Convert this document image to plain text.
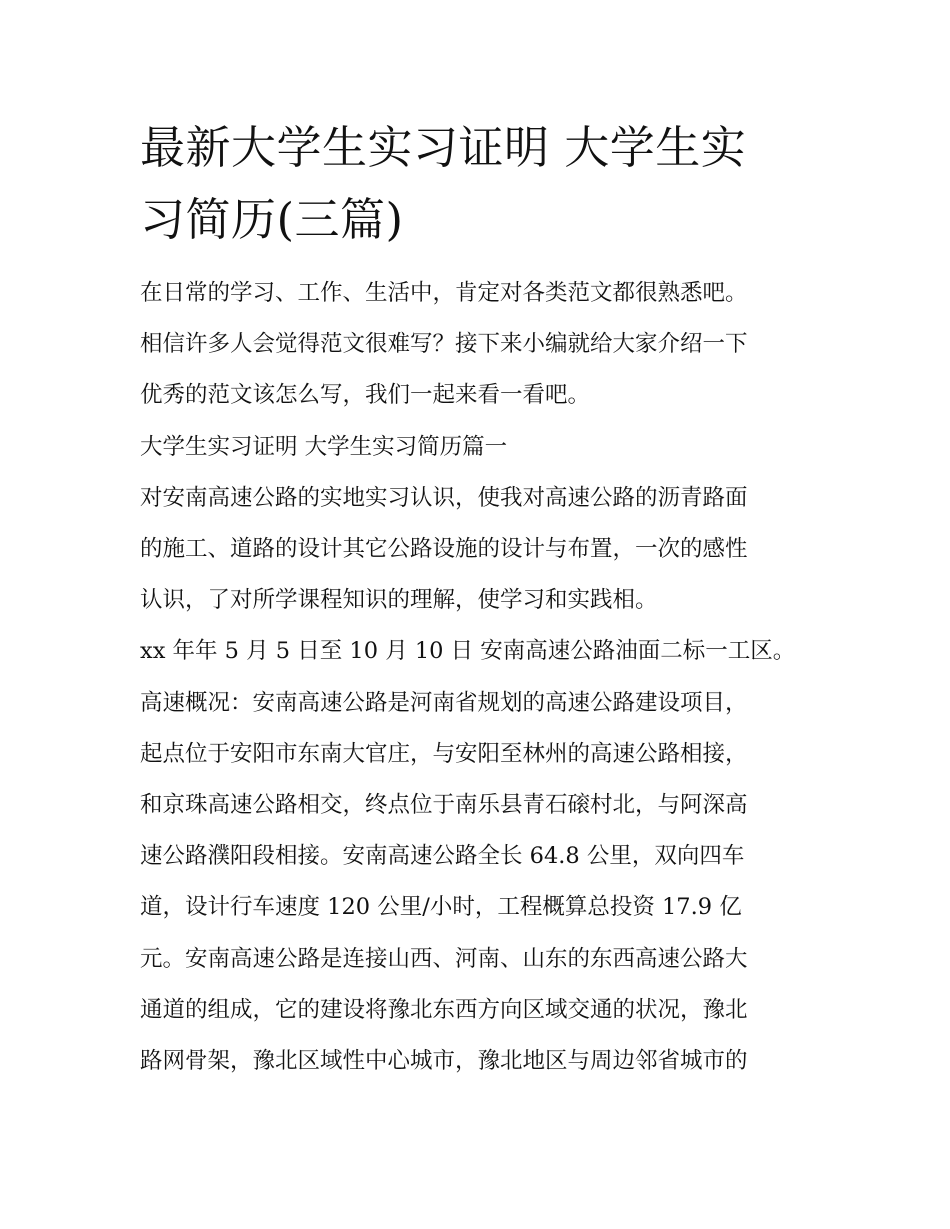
最新大学生实习证明 大学生实
习简历(三篇)
在日常的学习、工作、生活中，肯定对各类范文都很熟悉吧。
相信许多人会觉得范文很难写？接下来小编就给大家介绍一下
优秀的范文该怎么写，我们一起来看一看吧。
大学生实习证明 大学生实习简历篇一
对安南高速公路的实地实习认识，使我对高速公路的沥青路面
的施工、道路的设计其它公路设施的设计与布置，一次的感性
认识，了对所学课程知识的理解，使学习和实践相。
xx 年年 5 月 5 日至 10 月 10 日 安南高速公路油面二标一工区。
高速概况：安南高速公路是河南省规划的高速公路建设项目，
起点位于安阳市东南大官庄，与安阳至林州的高速公路相接，
和京珠高速公路相交，终点位于南乐县青石磙村北，与阿深高
速公路濮阳段相接。安南高速公路全长 64.8 公里，双向四车
道，设计行车速度 120 公里/小时，工程概算总投资 17.9 亿
元。安南高速公路是连接山西、河南、山东的东西高速公路大
通道的组成，它的建设将豫北东西方向区域交通的状况，豫北
路网骨架，豫北区域性中心城市，豫北地区与周边邻省城市的
